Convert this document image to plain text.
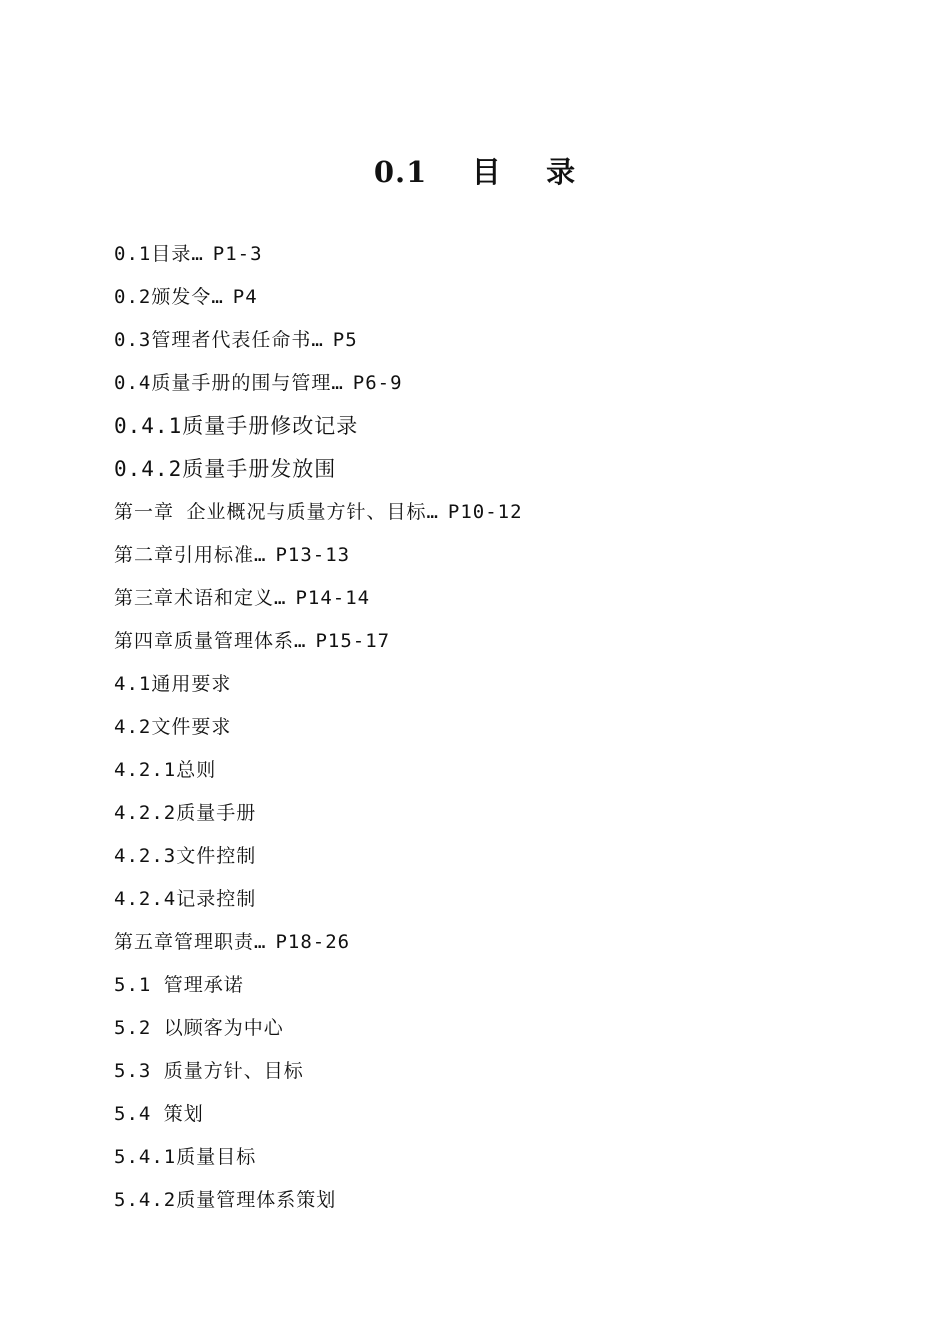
0.1    目    录
0.1目录… P1-3
0.2颁发令… P4
0.3管理者代表任命书… P5
0.4质量手册的围与管理… P6-9
0.4.1质量手册修改记录
0.4.2质量手册发放围
第一章 企业概况与质量方针、目标… P10-12
第二章引用标准… P13-13
第三章术语和定义… P14-14
第四章质量管理体系… P15-17
4.1通用要求
4.2文件要求
4.2.1总则
4.2.2质量手册
4.2.3文件控制
4.2.4记录控制
第五章管理职责… P18-26
5.1 管理承诺
5.2 以顾客为中心
5.3 质量方针、目标
5.4 策划
5.4.1质量目标
5.4.2质量管理体系策划
